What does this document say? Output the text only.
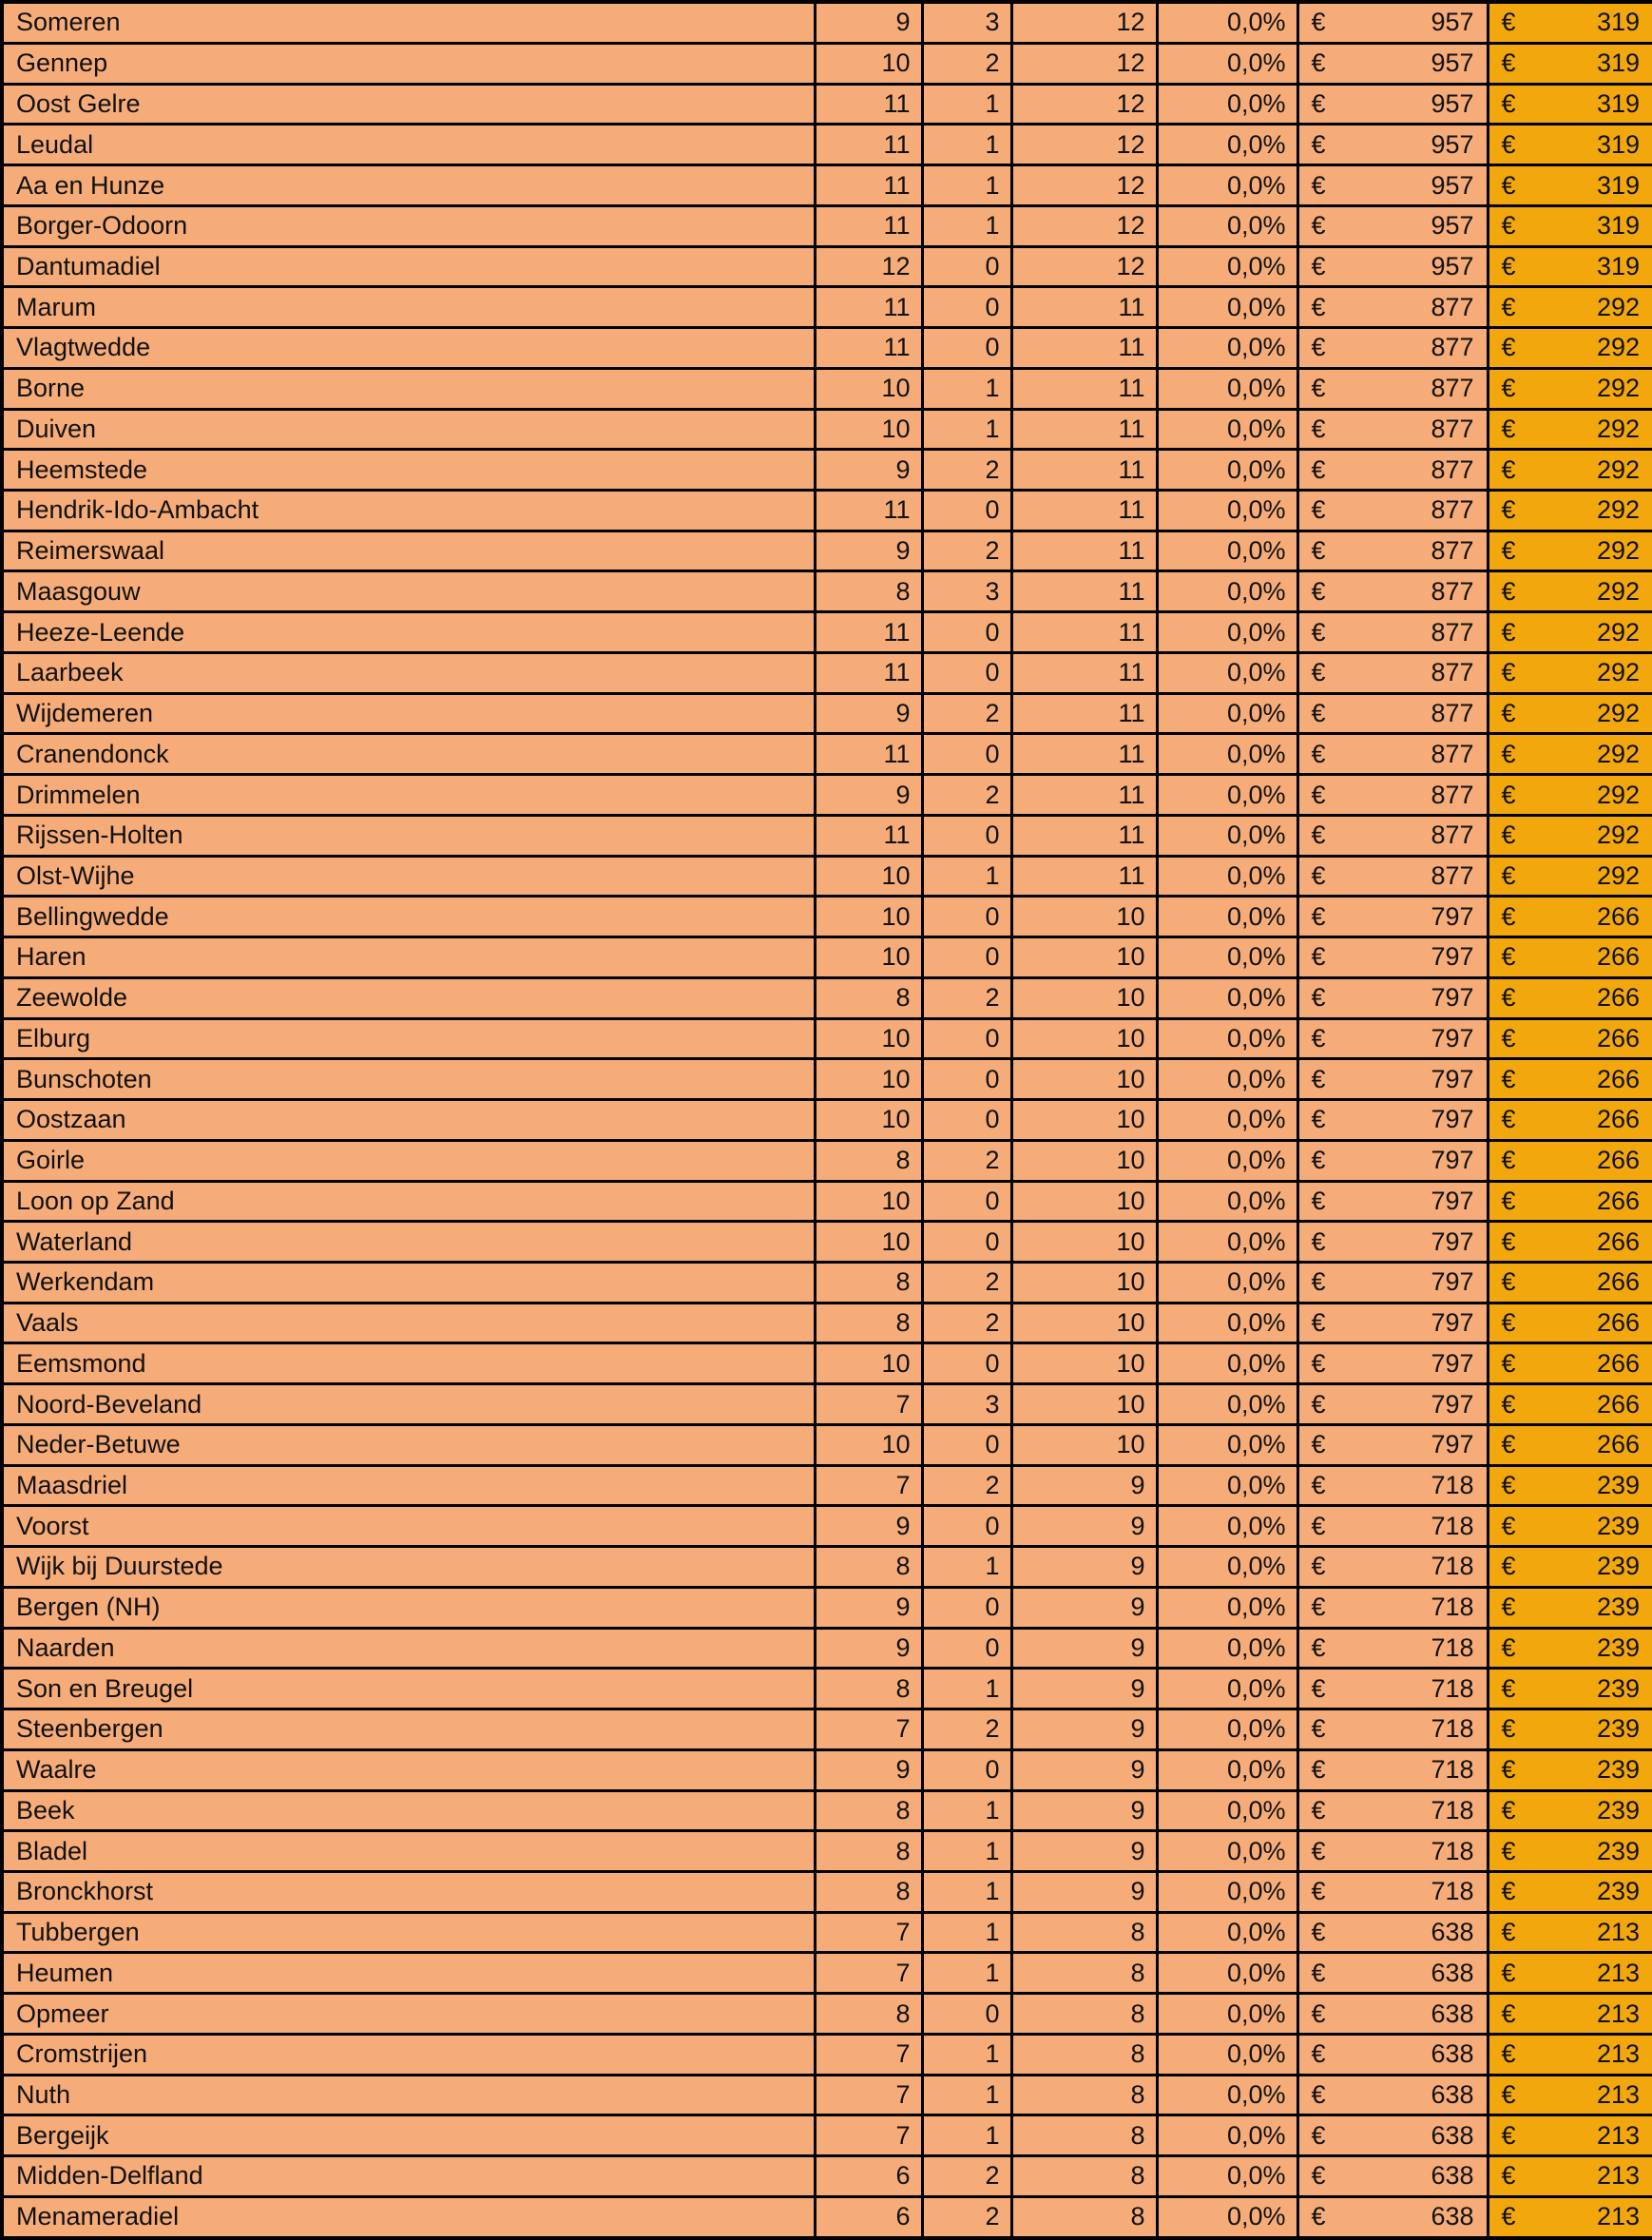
Someren	9	3	12	0,0%	€ 957	€ 319

Gennep	10	2	12	0,0%	€ 957	€ 319

Oost Gelre	11	1	12	0,0%	€ 957	€ 319

Leudal	11	1	12	0,0%	€ 957	€ 319

Aa en Hunze	11	1	12	0,0%	€ 957	€ 319

Borger-Odoorn	11	1	12	0,0%	€ 957	€ 319

Dantumadiel	12	0	12	0,0%	€ 957	€ 319

Marum	11	0	11	0,0%	€ 877	€ 292

Vlagtwedde	11	0	11	0,0%	€ 877	€ 292

Borne	10	1	11	0,0%	€ 877	€ 292

Duiven	10	1	11	0,0%	€ 877	€ 292

Heemstede	9	2	11	0,0%	€ 877	€ 292

Hendrik-Ido-Ambacht	11	0	11	0,0%	€ 877	€ 292

Reimerswaal	9	2	11	0,0%	€ 877	€ 292

Maasgouw	8	3	11	0,0%	€ 877	€ 292

Heeze-Leende	11	0	11	0,0%	€ 877	€ 292

Laarbeek	11	0	11	0,0%	€ 877	€ 292

Wijdemeren	9	2	11	0,0%	€ 877	€ 292

Cranendonck	11	0	11	0,0%	€ 877	€ 292

Drimmelen	9	2	11	0,0%	€ 877	€ 292

Rijssen-Holten	11	0	11	0,0%	€ 877	€ 292

Olst-Wijhe	10	1	11	0,0%	€ 877	€ 292

Bellingwedde	10	0	10	0,0%	€ 797	€ 266

Haren	10	0	10	0,0%	€ 797	€ 266

Zeewolde	8	2	10	0,0%	€ 797	€ 266

Elburg	10	0	10	0,0%	€ 797	€ 266

Bunschoten	10	0	10	0,0%	€ 797	€ 266

Oostzaan	10	0	10	0,0%	€ 797	€ 266

Goirle	8	2	10	0,0%	€ 797	€ 266

Loon op Zand	10	0	10	0,0%	€ 797	€ 266

Waterland	10	0	10	0,0%	€ 797	€ 266

Werkendam	8	2	10	0,0%	€ 797	€ 266

Vaals	8	2	10	0,0%	€ 797	€ 266

Eemsmond	10	0	10	0,0%	€ 797	€ 266

Noord-Beveland	7	3	10	0,0%	€ 797	€ 266

Neder-Betuwe	10	0	10	0,0%	€ 797	€ 266

Maasdriel	7	2	9	0,0%	€ 718	€ 239

Voorst	9	0	9	0,0%	€ 718	€ 239

Wijk bij Duurstede	8	1	9	0,0%	€ 718	€ 239

Bergen (NH)	9	0	9	0,0%	€ 718	€ 239

Naarden	9	0	9	0,0%	€ 718	€ 239

Son en Breugel	8	1	9	0,0%	€ 718	€ 239

Steenbergen	7	2	9	0,0%	€ 718	€ 239

Waalre	9	0	9	0,0%	€ 718	€ 239

Beek	8	1	9	0,0%	€ 718	€ 239

Bladel	8	1	9	0,0%	€ 718	€ 239

Bronckhorst	8	1	9	0,0%	€ 718	€ 239

Tubbergen	7	1	8	0,0%	€ 638	€ 213

Heumen	7	1	8	0,0%	€ 638	€ 213

Opmeer	8	0	8	0,0%	€ 638	€ 213

Cromstrijen	7	1	8	0,0%	€ 638	€ 213

Nuth	7	1	8	0,0%	€ 638	€ 213

Bergeijk	7	1	8	0,0%	€ 638	€ 213

Midden-Delfland	6	2	8	0,0%	€ 638	€ 213

Menameradiel	6	2	8	0,0%	€ 638	€ 213
